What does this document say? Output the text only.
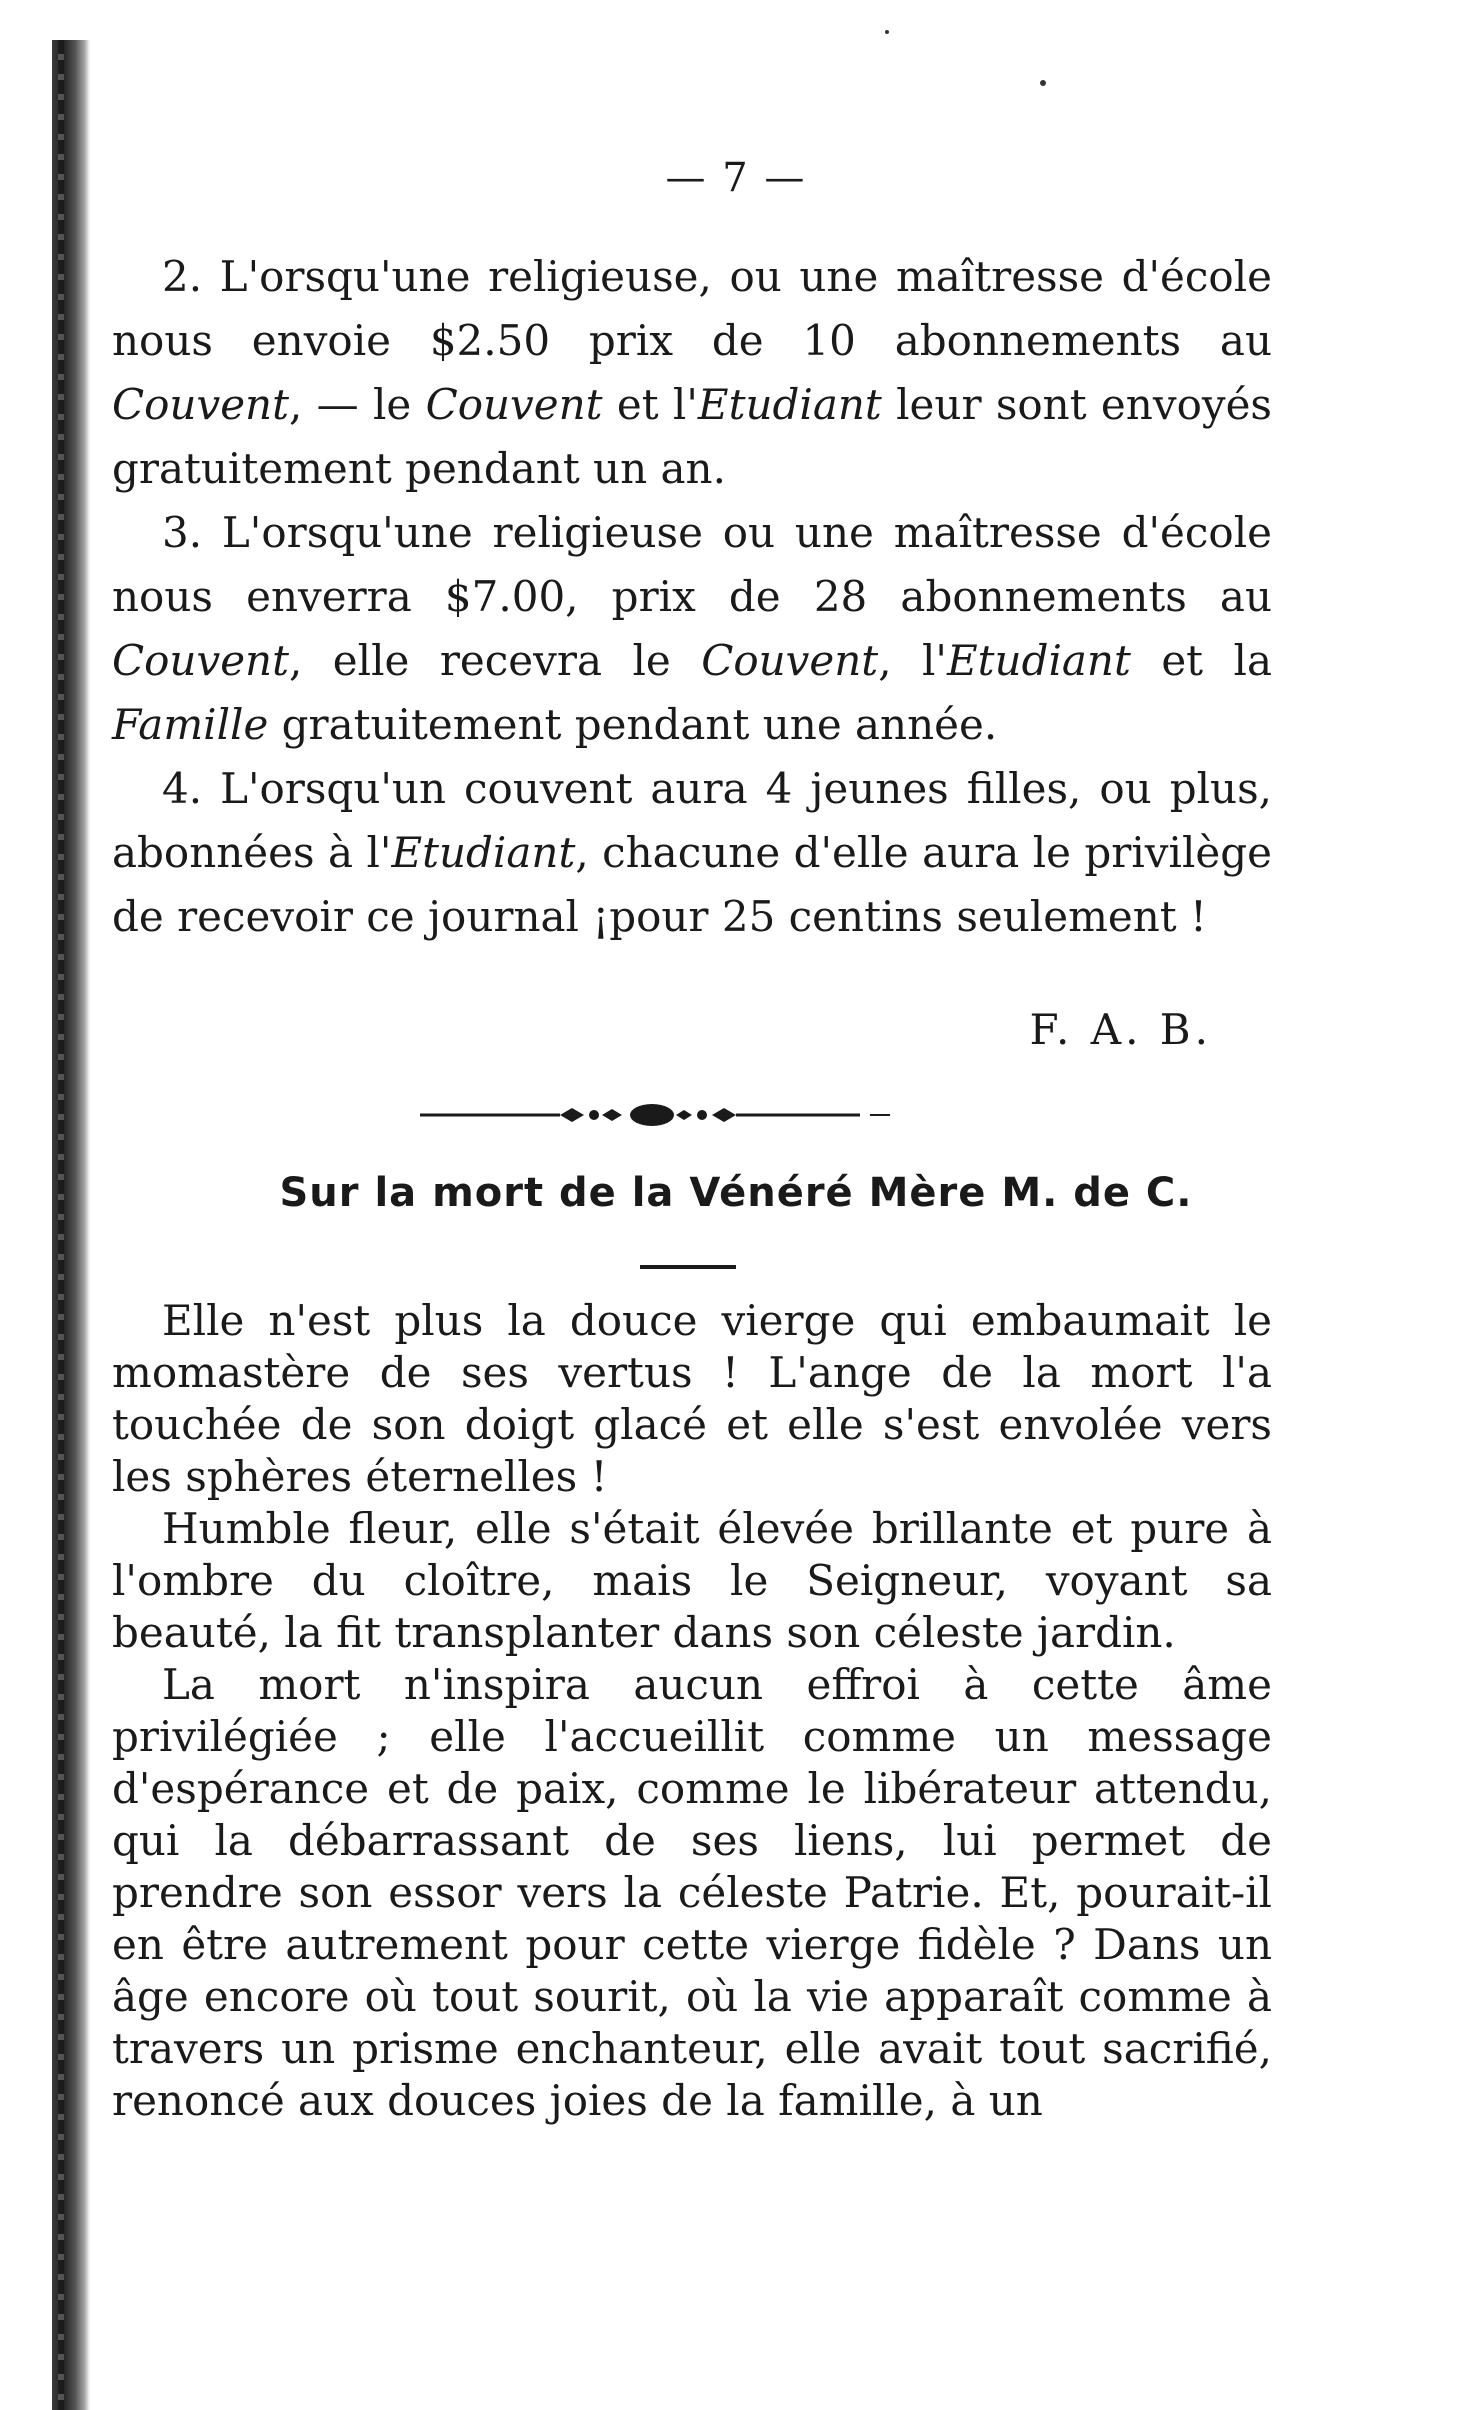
— 7 —

2. L'orsqu'une religieuse, ou une maîtresse d'école nous envoie $2.50 prix de 10 abonnements au Couvent, — le Couvent et l'Etudiant leur sont envoyés gratuitement pendant un an.

3. L'orsqu'une religieuse ou une maîtresse d'école nous enverra $7.00, prix de 28 abonnements au Couvent, elle recevra le Couvent, l'Etudiant et la Famille gratuitement pendant une année.

4. L'orsqu'un couvent aura 4 jeunes filles, ou plus, abonnées à l'Etudiant, chacune d'elle aura le privilège de recevoir ce journal ¡pour 25 centins seulement !

F. A. B.
Sur la mort de la Vénéré Mère M. de C.

Elle n'est plus la douce vierge qui embaumait le momastère de ses vertus ! L'ange de la mort l'a touchée de son doigt glacé et elle s'est envolée vers les sphères éternelles !

Humble fleur, elle s'était élevée brillante et pure à l'ombre du cloître, mais le Seigneur, voyant sa beauté, la fit transplanter dans son céleste jardin.

La mort n'inspira aucun effroi à cette âme privilégiée ; elle l'accueillit comme un message d'espérance et de paix, comme le libérateur attendu, qui la débarrassant de ses liens, lui permet de prendre son essor vers la céleste Patrie. Et, pourait-il en être autrement pour cette vierge fidèle ? Dans un âge encore où tout sourit, où la vie apparaît comme à travers un prisme enchanteur, elle avait tout sacrifié, renoncé aux douces joies de la famille, à un
